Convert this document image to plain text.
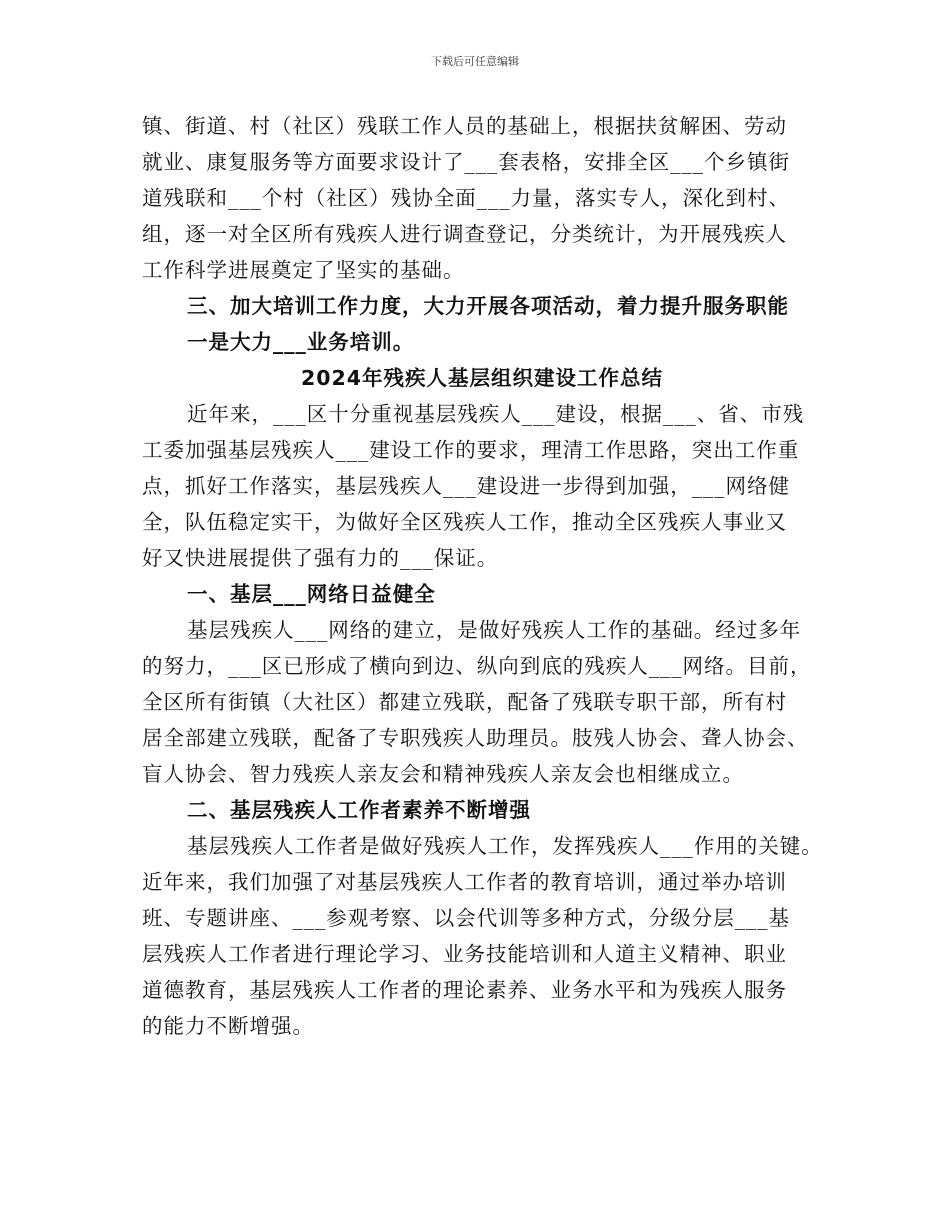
下载后可任意编辑
镇、街道、村（社区）残联工作人员的基础上，根据扶贫解困、劳动
就业、康复服务等方面要求设计了___套表格，安排全区___个乡镇街
道残联和___个村（社区）残协全面___力量，落实专人，深化到村、
组，逐一对全区所有残疾人进行调查登记，分类统计，为开展残疾人
工作科学进展奠定了坚实的基础。
三、加大培训工作力度，大力开展各项活动，着力提升服务职能
一是大力___业务培训。
2024年残疾人基层组织建设工作总结
近年来，___区十分重视基层残疾人___建设，根据___、省、市残
工委加强基层残疾人___建设工作的要求，理清工作思路，突出工作重
点，抓好工作落实，基层残疾人___建设进一步得到加强，___网络健
全，队伍稳定实干，为做好全区残疾人工作，推动全区残疾人事业又
好又快进展提供了强有力的___保证。
一、基层___网络日益健全
基层残疾人___网络的建立，是做好残疾人工作的基础。经过多年
的努力，___区已形成了横向到边、纵向到底的残疾人___网络。目前，
全区所有街镇（大社区）都建立残联，配备了残联专职干部，所有村
居全部建立残联，配备了专职残疾人助理员。肢残人协会、聋人协会、
盲人协会、智力残疾人亲友会和精神残疾人亲友会也相继成立。
二、基层残疾人工作者素养不断增强
基层残疾人工作者是做好残疾人工作，发挥残疾人___作用的关键。
近年来，我们加强了对基层残疾人工作者的教育培训，通过举办培训
班、专题讲座、___参观考察、以会代训等多种方式，分级分层___基
层残疾人工作者进行理论学习、业务技能培训和人道主义精神、职业
道德教育，基层残疾人工作者的理论素养、业务水平和为残疾人服务
的能力不断增强。
